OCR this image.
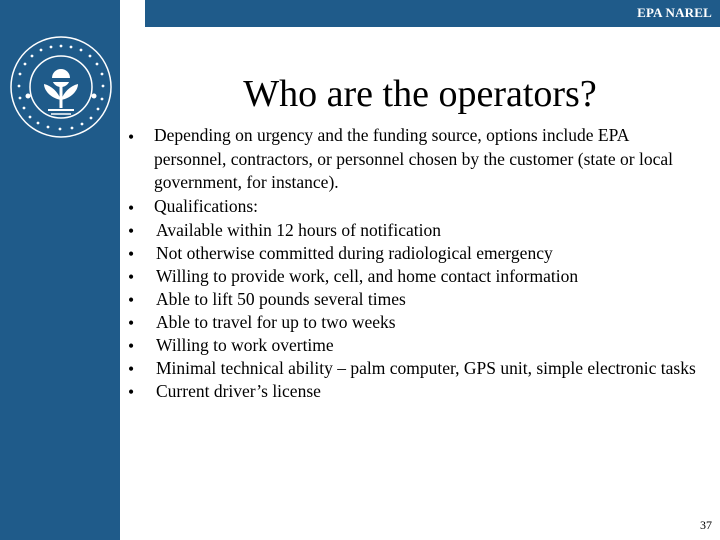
EPA NAREL
Who are the operators?
• Depending on urgency and the funding source, options include EPA personnel, contractors, or personnel chosen by the customer (state or local government, for instance).
• Qualifications:
• Available within 12 hours of notification
• Not otherwise committed during radiological emergency
• Willing to provide work, cell, and home contact information
• Able to lift 50 pounds several times
• Able to travel for up to two weeks
• Willing to work overtime
• Minimal technical ability – palm computer, GPS unit, simple electronic tasks
• Current driver’s license
37
